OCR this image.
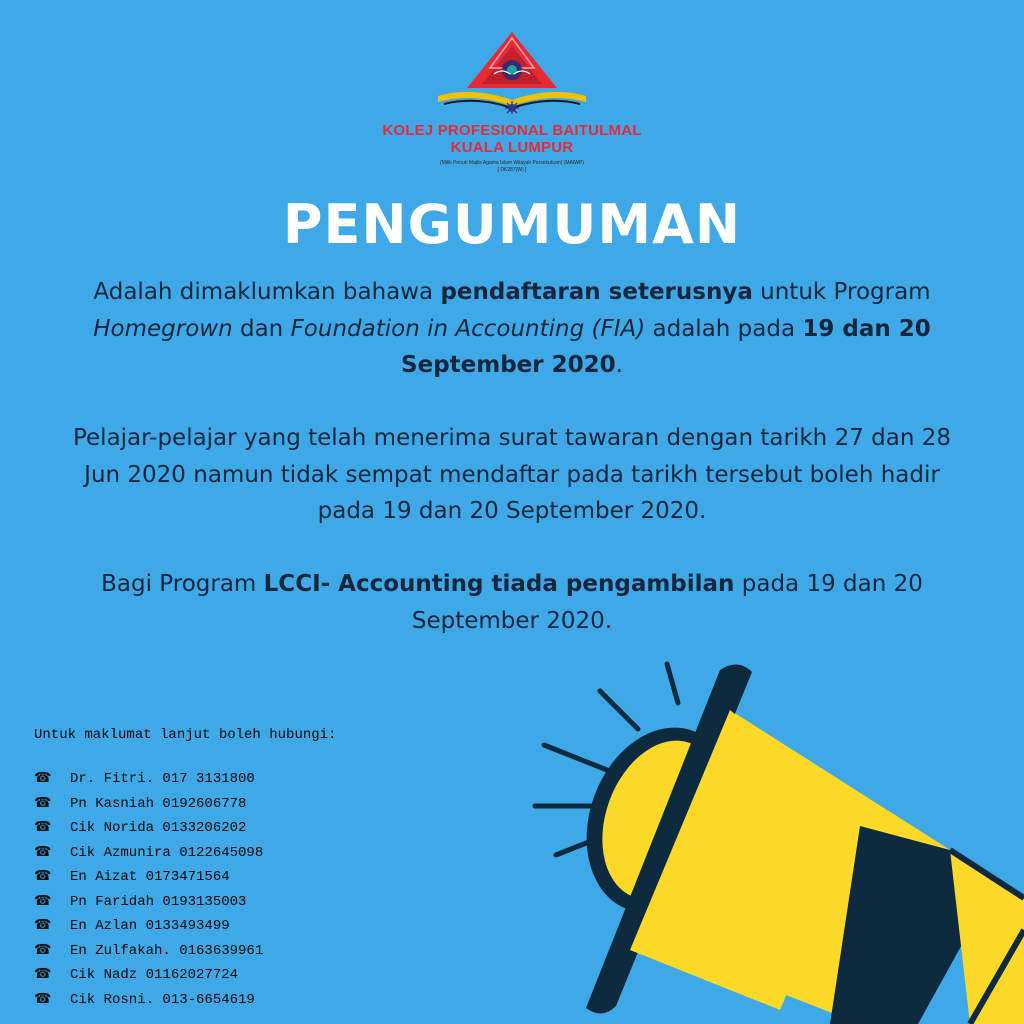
KOLEJ PROFESIONAL BAITULMAL
KUALA LUMPUR
(Milik Penuh Majlis Agama Islam Wilayah Persekutuan) (MAIWP)
[ DK287(W) ]
PENGUMUMAN
Adalah dimaklumkan bahawa pendaftaran seterusnya untuk Program
Homegrown dan Foundation in Accounting (FIA) adalah pada 19 dan 20
September 2020.
Pelajar-pelajar yang telah menerima surat tawaran dengan tarikh 27 dan 28
Jun 2020 namun tidak sempat mendaftar pada tarikh tersebut boleh hadir
pada 19 dan 20 September 2020.
Bagi Program LCCI- Accounting tiada pengambilan pada 19 dan 20
September 2020.
Untuk maklumat lanjut boleh hubungi:
☎ Dr. Fitri. 017 3131800
☎ Pn Kasniah 0192606778
☎ Cik Norida 0133206202
☎ Cik Azmunira 0122645098
☎ En Aizat 0173471564
☎ Pn Faridah 0193135003
☎ En Azlan 0133493499
☎ En Zulfakah. 0163639961
☎ Cik Nadz 01162027724
☎ Cik Rosni. 013-6654619
